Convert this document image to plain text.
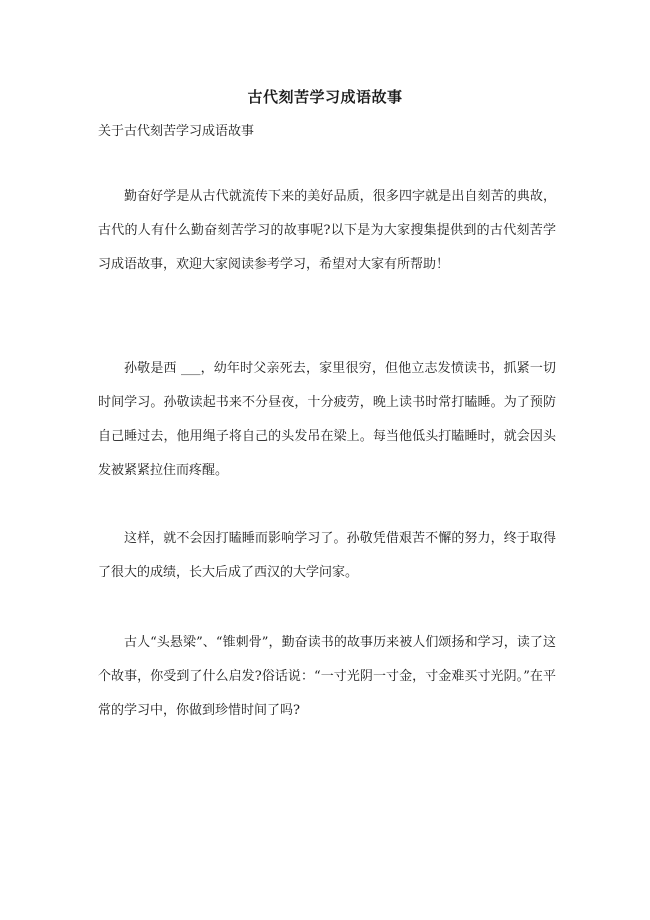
古代刻苦学习成语故事

关于古代刻苦学习成语故事

勤奋好学是从古代就流传下来的美好品质，很多四字就是出自刻苦的典故，古代的人有什么勤奋刻苦学习的故事呢?以下是为大家搜集提供到的古代刻苦学习成语故事，欢迎大家阅读参考学习，希望对大家有所帮助！

孙敬是西 ___，幼年时父亲死去，家里很穷，但他立志发愤读书，抓紧一切时间学习。孙敬读起书来不分昼夜，十分疲劳，晚上读书时常打瞌睡。为了预防自己睡过去，他用绳子将自己的头发吊在梁上。每当他低头打瞌睡时，就会因头发被紧紧拉住而疼醒。

这样，就不会因打瞌睡而影响学习了。孙敬凭借艰苦不懈的努力，终于取得了很大的成绩，长大后成了西汉的大学问家。

古人“头悬梁”、“锥刺骨”，勤奋读书的故事历来被人们颂扬和学习，读了这个故事，你受到了什么启发?俗话说：“一寸光阴一寸金，寸金难买寸光阴。”在平常的学习中，你做到珍惜时间了吗?
